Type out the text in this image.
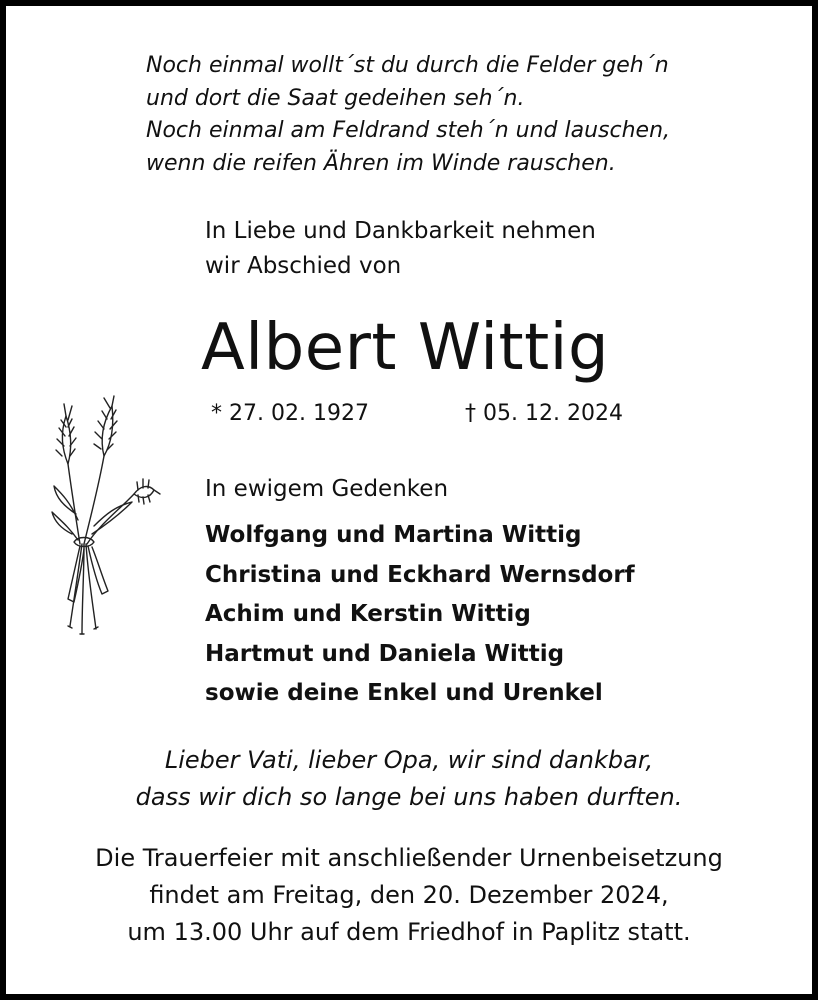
Noch einmal wollt´st du durch die Felder geh´n
und dort die Saat gedeihen seh´n.
Noch einmal am Feldrand steh´n und lauschen,
wenn die reifen Ähren im Winde rauschen.
In Liebe und Dankbarkeit nehmen
wir Abschied von
Albert Wittig
* 27. 02. 1927	† 05. 12. 2024
In ewigem Gedenken
Wolfgang und Martina Wittig
Christina und Eckhard Wernsdorf
Achim und Kerstin Wittig
Hartmut und Daniela Wittig
sowie deine Enkel und Urenkel
Lieber Vati, lieber Opa, wir sind dankbar,
dass wir dich so lange bei uns haben durften.
Die Trauerfeier mit anschließender Urnenbeisetzung
findet am Freitag, den 20. Dezember 2024,
um 13.00 Uhr auf dem Friedhof in Paplitz statt.
